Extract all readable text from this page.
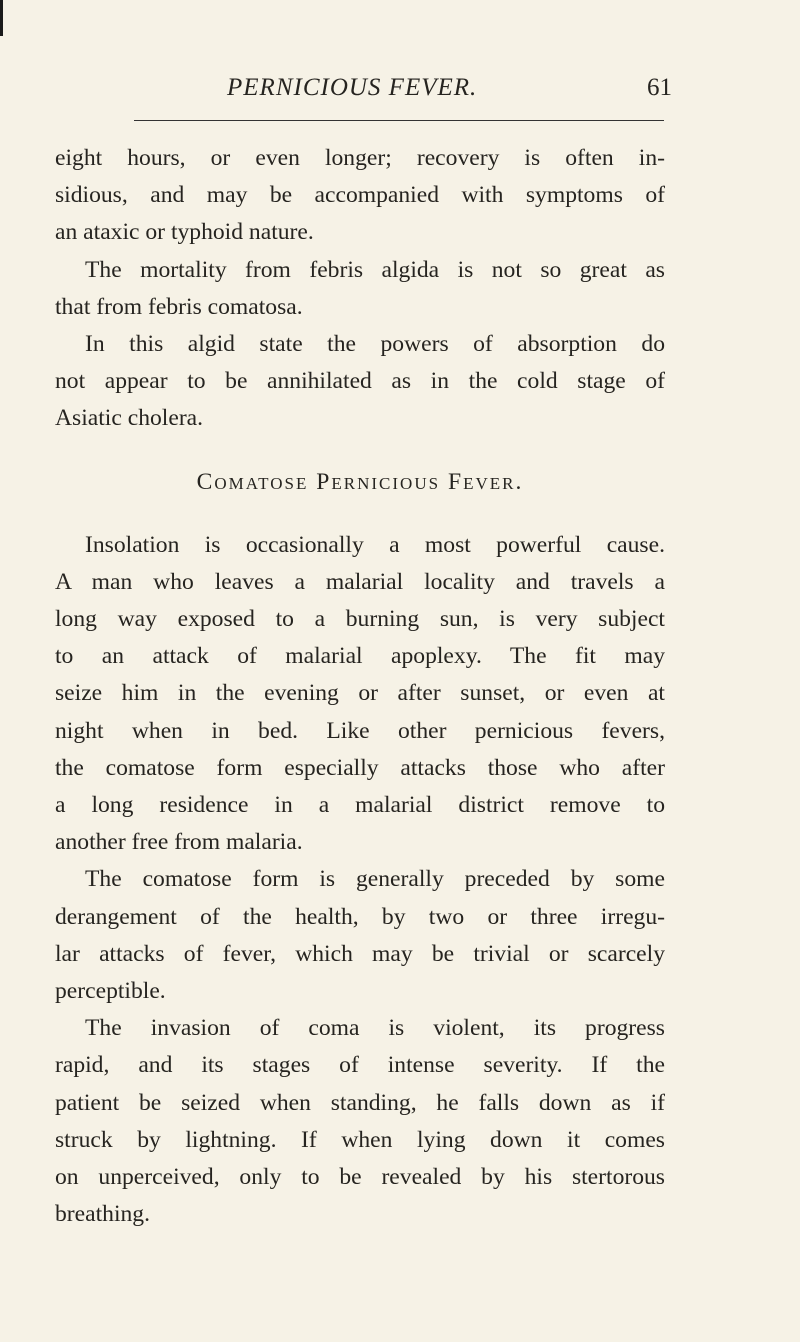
PERNICIOUS FEVER.	61

eight hours, or even longer; recovery is often in-
sidious, and may be accompanied with symptoms of
an ataxic or typhoid nature.

The mortality from febris algida is not so great as
that from febris comatosa.

In this algid state the powers of absorption do
not appear to be annihilated as in the cold stage of
Asiatic cholera.

Comatose Pernicious Fever.

Insolation is occasionally a most powerful cause.
A man who leaves a malarial locality and travels a
long way exposed to a burning sun, is very subject
to an attack of malarial apoplexy. The fit may
seize him in the evening or after sunset, or even at
night when in bed. Like other pernicious fevers,
the comatose form especially attacks those who after
a long residence in a malarial district remove to
another free from malaria.

The comatose form is generally preceded by some
derangement of the health, by two or three irregu-
lar attacks of fever, which may be trivial or scarcely
perceptible.

The invasion of coma is violent, its progress
rapid, and its stages of intense severity. If the
patient be seized when standing, he falls down as if
struck by lightning. If when lying down it comes
on unperceived, only to be revealed by his stertorous
breathing.
